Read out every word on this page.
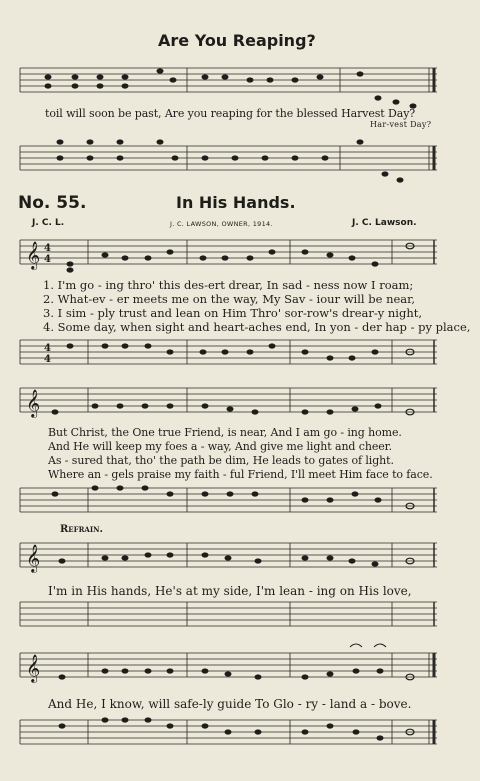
Are You Reaping?
toil will soon be past, Are you reaping for the blessed Harvest Day?
Har-vest Day?
No. 55.	In His Hands.
J. C. L.	J. C. LAWSON, OWNER, 1914.	J. C. Lawson.
𝄞 4
4
1. I'm go - ing thro' this des-ert drear, In sad - ness now I roam;
2. What-ev - er meets me on the way, My Sav - iour will be near,
3. I sim - ply trust and lean on Him Thro' sor-row's drear-y night,
4. Some day, when sight and heart-aches end, In yon - der hap - py place,
4
4
𝄞
But Christ, the One true Friend, is near, And I am go - ing home.
And He will keep my foes a - way, And give me light and cheer.
As - sured that, tho' the path be dim, He leads to gates of light.
Where an - gels praise my faith - ful Friend, I'll meet Him face to face.
Refrain.
𝄞
I'm in His hands, He's at my side, I'm lean - ing on His love,
𝄞
And He, I know, will safe-ly guide To Glo - ry - land a - bove.
